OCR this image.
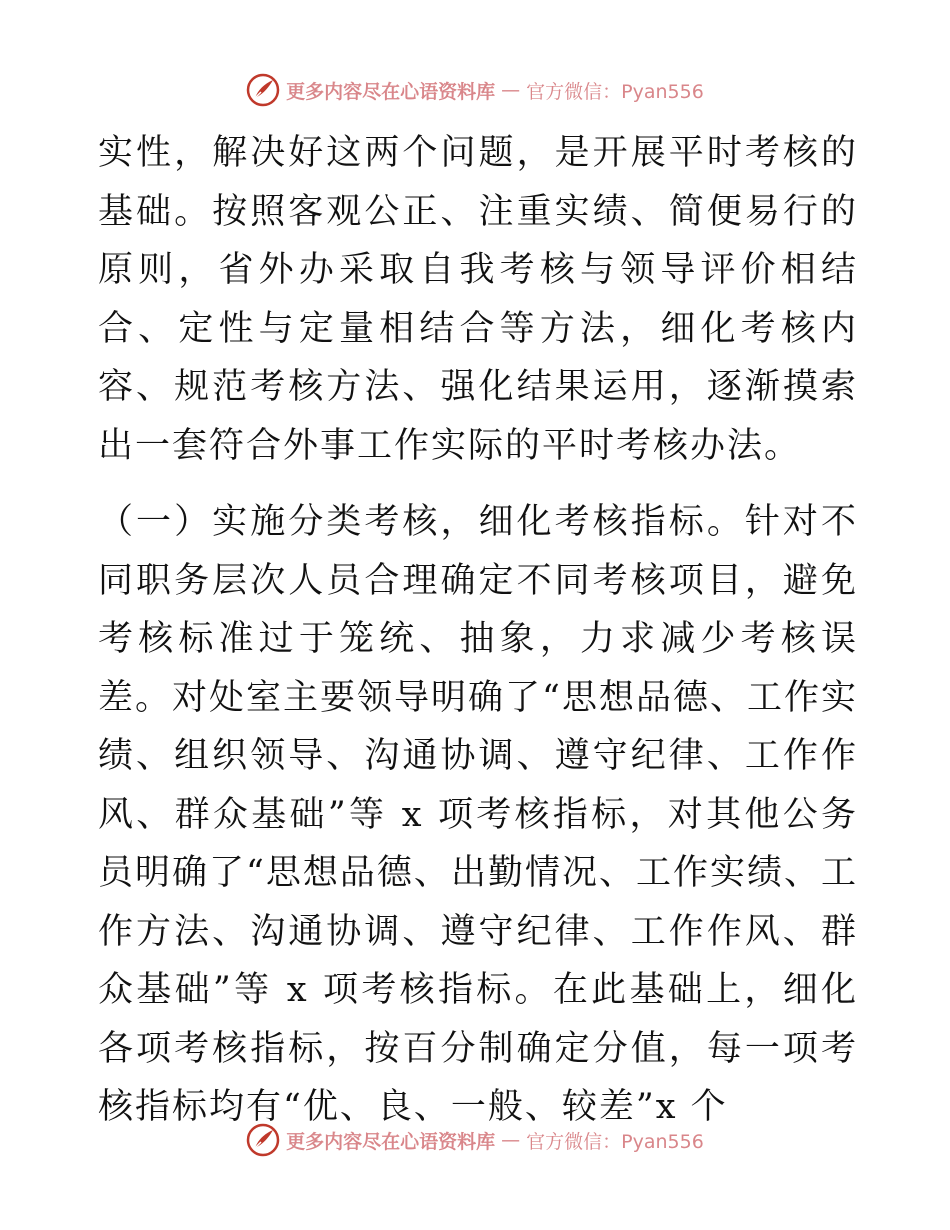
更多内容尽在心语资料库 — 官方微信：Pyan556

实性，解决好这两个问题，是开展平时考核的基础。按照客观公正、注重实绩、简便易行的原则，省外办采取自我考核与领导评价相结合、定性与定量相结合等方法，细化考核内容、规范考核方法、强化结果运用，逐渐摸索出一套符合外事工作实际的平时考核办法。

（一）实施分类考核，细化考核指标。针对不同职务层次人员合理确定不同考核项目，避免考核标准过于笼统、抽象，力求减少考核误差。对处室主要领导明确了“思想品德、工作实绩、组织领导、沟通协调、遵守纪律、工作作风、群众基础”等 x 项考核指标，对其他公务员明确了“思想品德、出勤情况、工作实绩、工作方法、沟通协调、遵守纪律、工作作风、群众基础”等 x 项考核指标。在此基础上，细化各项考核指标，按百分制确定分值，每一项考核指标均有“优、良、一般、较差”x 个

更多内容尽在心语资料库 — 官方微信：Pyan556
